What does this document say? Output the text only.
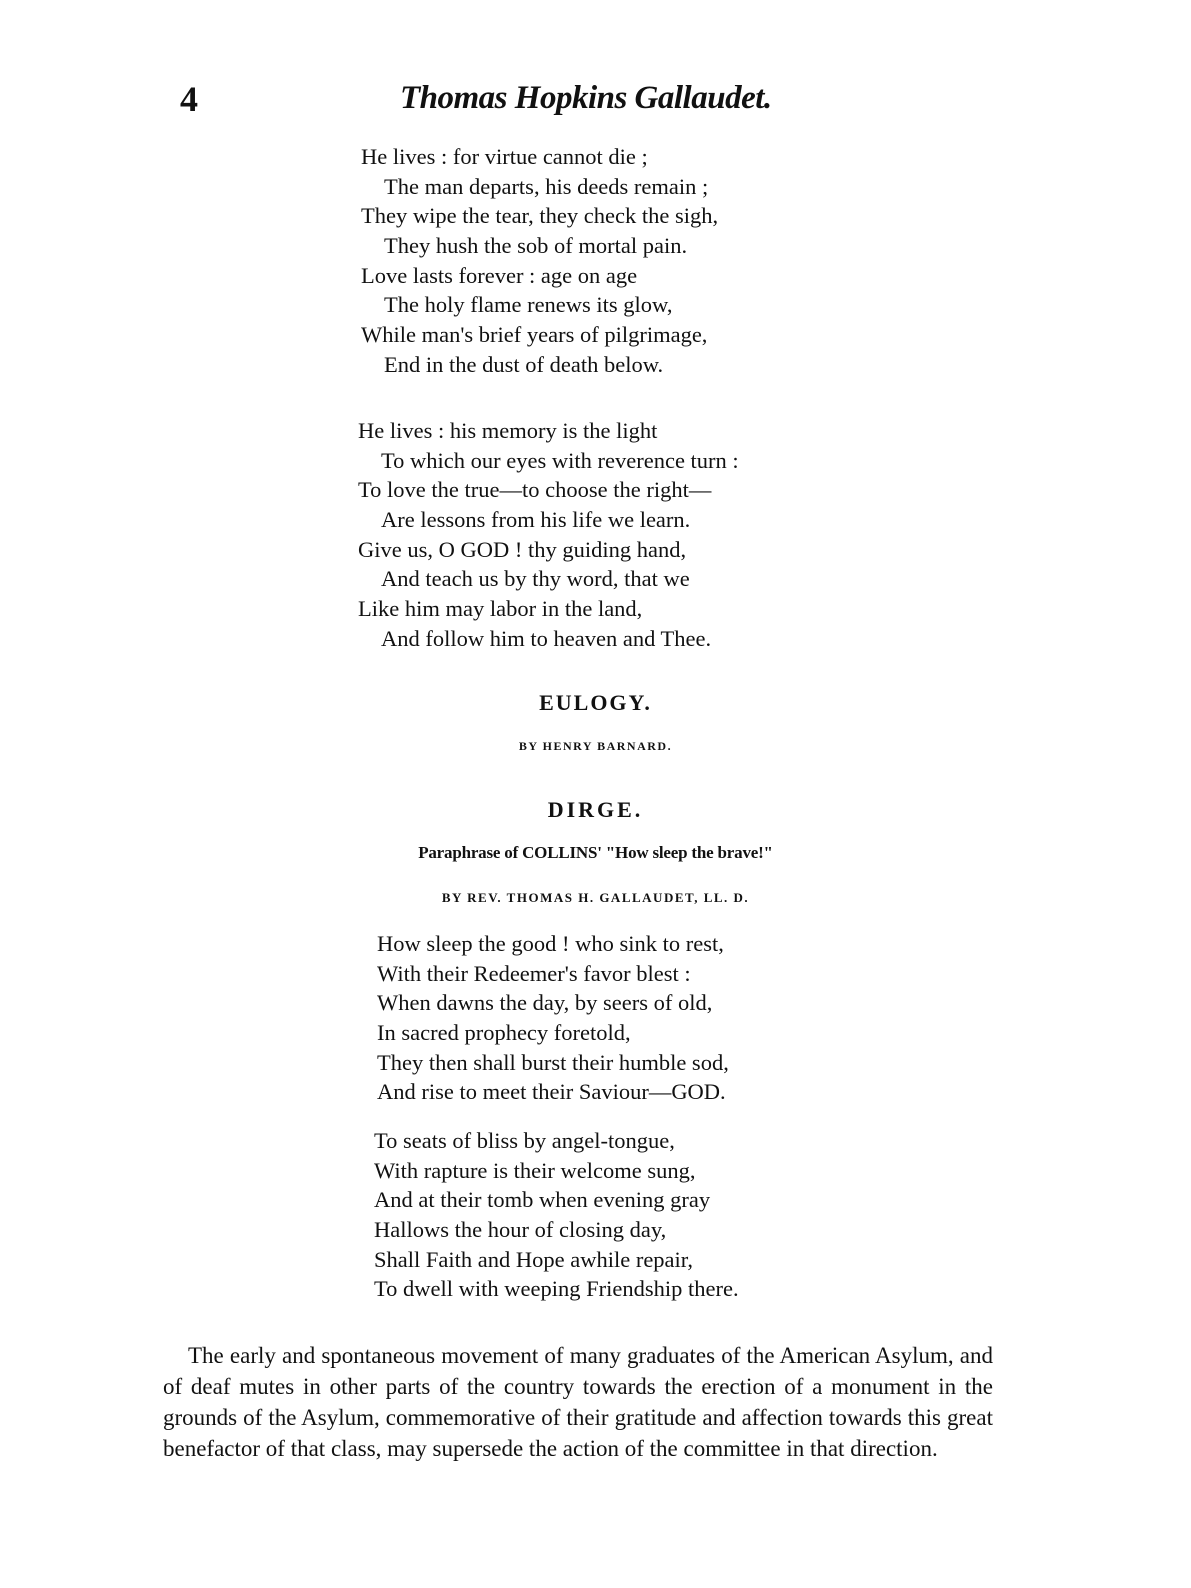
4	Thomas Hopkins Gallaudet.
He lives : for virtue cannot die ;
The man departs, his deeds remain ;
They wipe the tear, they check the sigh,
They hush the sob of mortal pain.
Love lasts forever : age on age
The holy flame renews its glow,
While man's brief years of pilgrimage,
End in the dust of death below.
He lives : his memory is the light
To which our eyes with reverence turn :
To love the true—to choose the right—
Are lessons from his life we learn.
Give us, O GOD ! thy guiding hand,
And teach us by thy word, that we
Like him may labor in the land,
And follow him to heaven and Thee.
EULOGY.
BY HENRY BARNARD.
DIRGE.
Paraphrase of COLLINS' "How sleep the brave!"
BY REV. THOMAS H. GALLAUDET, LL. D.
How sleep the good ! who sink to rest,
With their Redeemer's favor blest :
When dawns the day, by seers of old,
In sacred prophecy foretold,
They then shall burst their humble sod,
And rise to meet their Saviour—GOD.
To seats of bliss by angel-tongue,
With rapture is their welcome sung,
And at their tomb when evening gray
Hallows the hour of closing day,
Shall Faith and Hope awhile repair,
To dwell with weeping Friendship there.

The early and spontaneous movement of many graduates of the American Asylum, and of deaf mutes in other parts of the country towards the erection of a monument in the grounds of the Asylum, commemorative of their gratitude and affection towards this great benefactor of that class, may supersede the action of the committee in that direction.
